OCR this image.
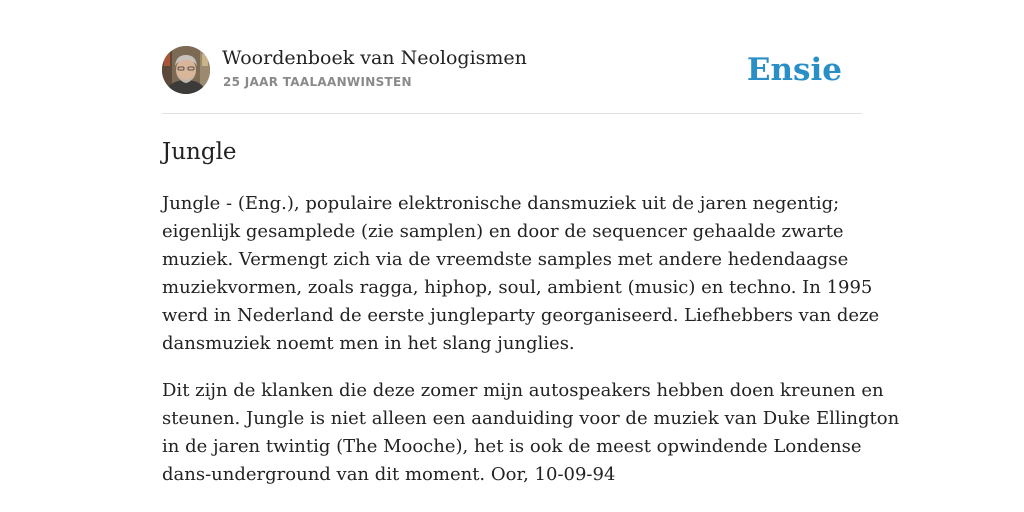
Woordenboek van Neologismen
25 JAAR TAALAANWINSTEN	Ensie
Jungle
Jungle - (Eng.), populaire elektronische dansmuziek uit de jaren negentig;
eigenlijk gesamplede (zie samplen) en door de sequencer gehaalde zwarte
muziek. Vermengt zich via de vreemdste samples met andere hedendaagse
muziekvormen, zoals ragga, hiphop, soul, ambient (music) en techno. In 1995
werd in Nederland de eerste jungleparty georganiseerd. Liefhebbers van deze
dansmuziek noemt men in het slang junglies.
Dit zijn de klanken die deze zomer mijn autospeakers hebben doen kreunen en
steunen. Jungle is niet alleen een aanduiding voor de muziek van Duke Ellington
in de jaren twintig (The Mooche), het is ook de meest opwindende Londense
dans-underground van dit moment. Oor, 10-09-94
